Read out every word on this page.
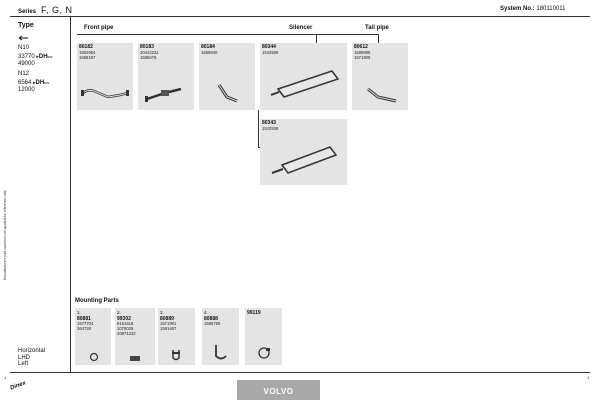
Series F, G, N	System No.: 180110011
Manufacturers part numbers are quoted for reference only
Type
N10
33770 ▸DHkw
49000
N12
6564 ▸DHkw
12000
Front pipe	Silencer	Tail pipe
80182
1582954
1598197
80183
20442231
1585679
80184
1586940
80344
1542939
80612
1586985
1571909
80343
1542938
Mounting Parts
1.
80881
1577704
364726
2.
99302
8151616
1078026
20871332
3.
80889
1571991
1591467
4.
80888
1586789
99119
Horizontal
LHD
Left
1	1
Dinex	VOLVO
